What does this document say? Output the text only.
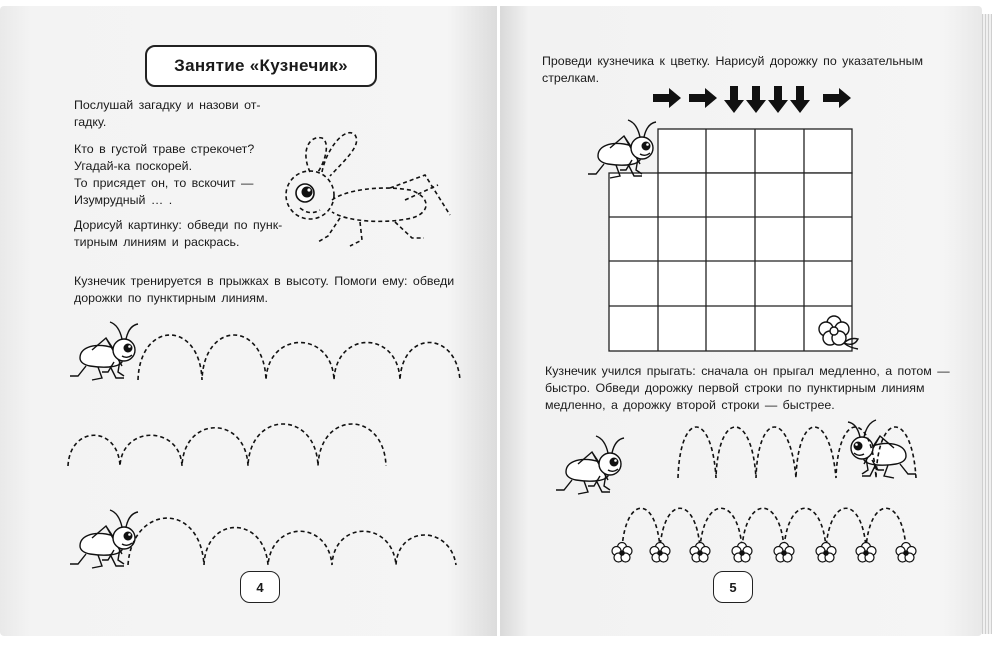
Занятие «Кузнечик»
Послушай загадку и назови от-
гадку.
Кто в густой траве стрекочет?
Угадай-ка поскорей.
То присядет он, то вскочит —
Изумрудный … .
Дорисуй картинку: обведи по пунк-
тирным линиям и раскрась.
Кузнечик тренируется в прыжках в высоту. Помоги ему: обведи
дорожки по пунктирным линиям.
4
Проведи кузнечика к цветку. Нарисуй дорожку по указательным
стрелкам.
Кузнечик учился прыгать: сначала он прыгал медленно, а потом —
быстро. Обведи дорожку первой строки по пунктирным линиям
медленно, а дорожку второй строки — быстрее.
5
